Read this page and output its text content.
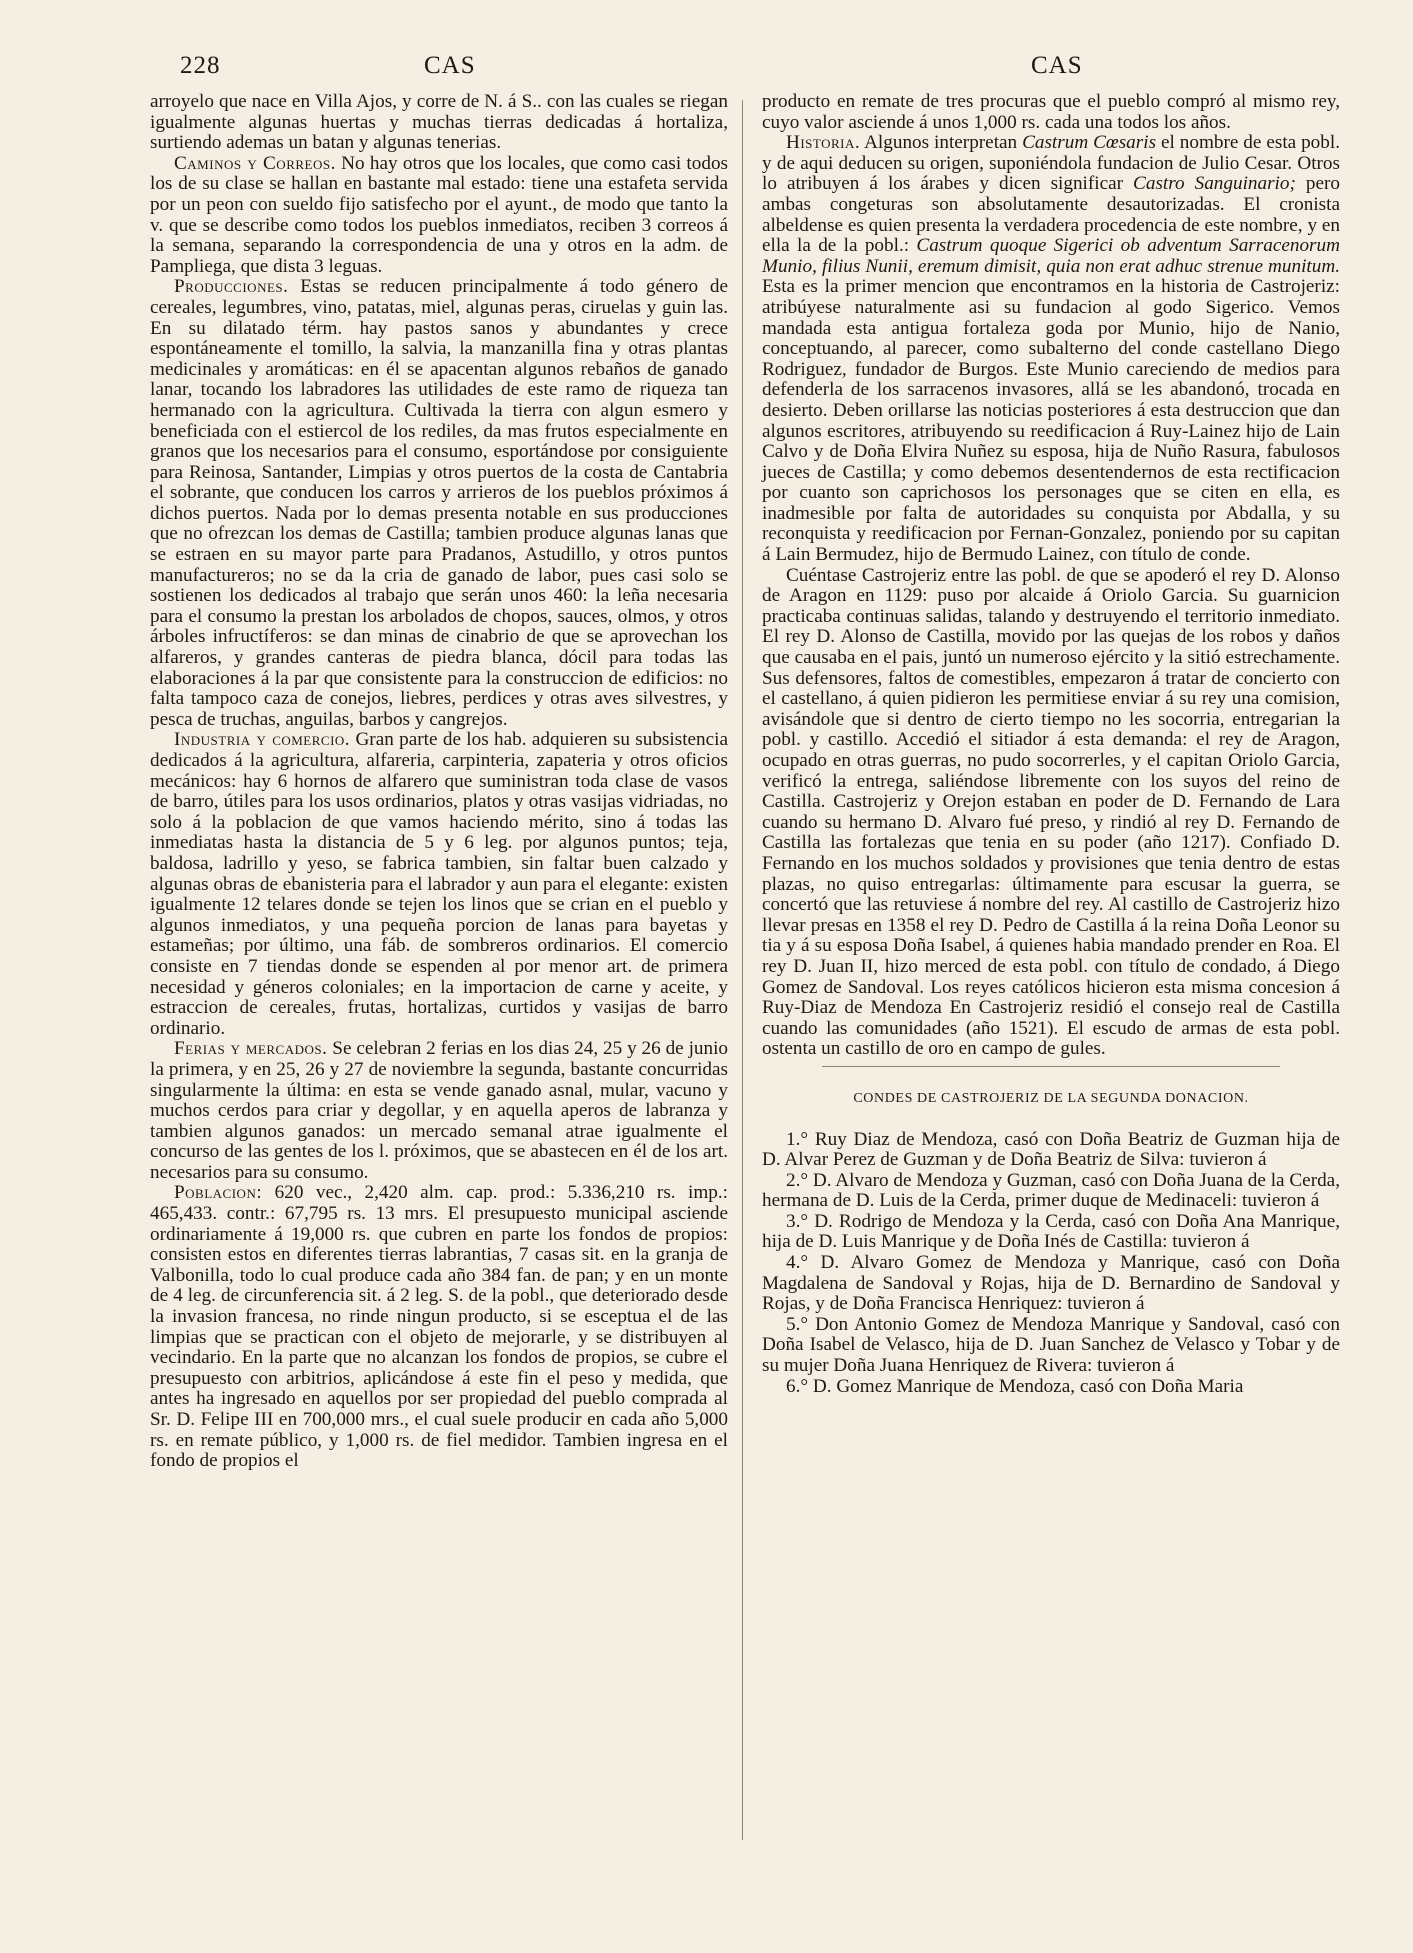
228	CAS	CAS

arroyelo que nace en Villa Ajos, y corre de N. á S.. con las cuales se riegan igualmente algunas huertas y muchas tierras dedicadas á hortaliza, surtiendo ademas un batan y algunas tenerias.

Caminos y Correos. No hay otros que los locales, que como casi todos los de su clase se hallan en bastante mal estado: tiene una estafeta servida por un peon con sueldo fijo satisfecho por el ayunt., de modo que tanto la v. que se describe como todos los pueblos inmediatos, reciben 3 correos á la semana, separando la correspondencia de una y otros en la adm. de Pampliega, que dista 3 leguas.

Producciones. Estas se reducen principalmente á todo género de cereales, legumbres, vino, patatas, miel, algunas peras, ciruelas y guin las. En su dilatado térm. hay pastos sanos y abundantes y crece espontáneamente el tomillo, la salvia, la manzanilla fina y otras plantas medicinales y aromáticas: en él se apacentan algunos rebaños de ganado lanar, tocando los labradores las utilidades de este ramo de riqueza tan hermanado con la agricultura. Cultivada la tierra con algun esmero y beneficiada con el estiercol de los rediles, da mas frutos especialmente en granos que los necesarios para el consumo, esportándose por consiguiente para Reinosa, Santander, Limpias y otros puertos de la costa de Cantabria el sobrante, que conducen los carros y arrieros de los pueblos próximos á dichos puertos. Nada por lo demas presenta notable en sus producciones que no ofrezcan los demas de Castilla; tambien produce algunas lanas que se estraen en su mayor parte para Pradanos, Astudillo, y otros puntos manufactureros; no se da la cria de ganado de labor, pues casi solo se sostienen los dedicados al trabajo que serán unos 460: la leña necesaria para el consumo la prestan los arbolados de chopos, sauces, olmos, y otros árboles infructíferos: se dan minas de cinabrio de que se aprovechan los alfareros, y grandes canteras de piedra blanca, dócil para todas las elaboraciones á la par que consistente para la construccion de edificios: no falta tampoco caza de conejos, liebres, perdices y otras aves silvestres, y pesca de truchas, anguilas, barbos y cangrejos.

Industria y comercio. Gran parte de los hab. adquieren su subsistencia dedicados á la agricultura, alfareria, carpinteria, zapateria y otros oficios mecánicos: hay 6 hornos de alfarero que suministran toda clase de vasos de barro, útiles para los usos ordinarios, platos y otras vasijas vidriadas, no solo á la poblacion de que vamos haciendo mérito, sino á todas las inmediatas hasta la distancia de 5 y 6 leg. por algunos puntos; teja, baldosa, ladrillo y yeso, se fabrica tambien, sin faltar buen calzado y algunas obras de ebanisteria para el labrador y aun para el elegante: existen igualmente 12 telares donde se tejen los linos que se crian en el pueblo y algunos inmediatos, y una pequeña porcion de lanas para bayetas y estameñas; por último, una fáb. de sombreros ordinarios. El comercio consiste en 7 tiendas donde se espenden al por menor art. de primera necesidad y géneros coloniales; en la importacion de carne y aceite, y estraccion de cereales, frutas, hortalizas, curtidos y vasijas de barro ordinario.

Ferias y mercados. Se celebran 2 ferias en los dias 24, 25 y 26 de junio la primera, y en 25, 26 y 27 de noviembre la segunda, bastante concurridas singularmente la última: en esta se vende ganado asnal, mular, vacuno y muchos cerdos para criar y degollar, y en aquella aperos de labranza y tambien algunos ganados: un mercado semanal atrae igualmente el concurso de las gentes de los l. próximos, que se abastecen en él de los art. necesarios para su consumo.

Poblacion: 620 vec., 2,420 alm. cap. prod.: 5.336,210 rs. imp.: 465,433. contr.: 67,795 rs. 13 mrs. El presupuesto municipal asciende ordinariamente á 19,000 rs. que cubren en parte los fondos de propios: consisten estos en diferentes tierras labrantias, 7 casas sit. en la granja de Valbonilla, todo lo cual produce cada año 384 fan. de pan; y en un monte de 4 leg. de circunferencia sit. á 2 leg. S. de la pobl., que deteriorado desde la invasion francesa, no rinde ningun producto, si se esceptua el de las limpias que se practican con el objeto de mejorarle, y se distribuyen al vecindario. En la parte que no alcanzan los fondos de propios, se cubre el presupuesto con arbitrios, aplicándose á este fin el peso y medida, que antes ha ingresado en aquellos por ser propiedad del pueblo comprada al Sr. D. Felipe III en 700,000 mrs., el cual suele producir en cada año 5,000 rs. en remate público, y 1,000 rs. de fiel medidor. Tambien ingresa en el fondo de propios el

producto en remate de tres procuras que el pueblo compró al mismo rey, cuyo valor asciende á unos 1,000 rs. cada una todos los años.

Historia. Algunos interpretan Castrum Cœsaris el nombre de esta pobl. y de aqui deducen su origen, suponiéndola fundacion de Julio Cesar. Otros lo atribuyen á los árabes y dicen significar Castro Sanguinario; pero ambas congeturas son absolutamente desautorizadas. El cronista albeldense es quien presenta la verdadera procedencia de este nombre, y en ella la de la pobl.: Castrum quoque Sigerici ob adventum Sarracenorum Munio, filius Nunii, eremum dimisit, quia non erat adhuc strenue munitum. Esta es la primer mencion que encontramos en la historia de Castrojeriz: atribúyese naturalmente asi su fundacion al godo Sigerico. Vemos mandada esta antigua fortaleza goda por Munio, hijo de Nanio, conceptuando, al parecer, como subalterno del conde castellano Diego Rodriguez, fundador de Burgos. Este Munio careciendo de medios para defenderla de los sarracenos invasores, allá se les abandonó, trocada en desierto. Deben orillarse las noticias posteriores á esta destruccion que dan algunos escritores, atribuyendo su reedificacion á Ruy-Lainez hijo de Lain Calvo y de Doña Elvira Nuñez su esposa, hija de Nuño Rasura, fabulosos jueces de Castilla; y como debemos desentendernos de esta rectificacion por cuanto son caprichosos los personages que se citen en ella, es inadmesible por falta de autoridades su conquista por Abdalla, y su reconquista y reedificacion por Fernan-Gonzalez, poniendo por su capitan á Lain Bermudez, hijo de Bermudo Lainez, con título de conde.

Cuéntase Castrojeriz entre las pobl. de que se apoderó el rey D. Alonso de Aragon en 1129: puso por alcaide á Oriolo Garcia. Su guarnicion practicaba continuas salidas, talando y destruyendo el territorio inmediato. El rey D. Alonso de Castilla, movido por las quejas de los robos y daños que causaba en el pais, juntó un numeroso ejército y la sitió estrechamente. Sus defensores, faltos de comestibles, empezaron á tratar de concierto con el castellano, á quien pidieron les permitiese enviar á su rey una comision, avisándole que si dentro de cierto tiempo no les socorria, entregarian la pobl. y castillo. Accedió el sitiador á esta demanda: el rey de Aragon, ocupado en otras guerras, no pudo socorrerles, y el capitan Oriolo Garcia, verificó la entrega, saliéndose libremente con los suyos del reino de Castilla. Castrojeriz y Orejon estaban en poder de D. Fernando de Lara cuando su hermano D. Alvaro fué preso, y rindió al rey D. Fernando de Castilla las fortalezas que tenia en su poder (año 1217). Confiado D. Fernando en los muchos soldados y provisiones que tenia dentro de estas plazas, no quiso entregarlas: últimamente para escusar la guerra, se concertó que las retuviese á nombre del rey. Al castillo de Castrojeriz hizo llevar presas en 1358 el rey D. Pedro de Castilla á la reina Doña Leonor su tia y á su esposa Doña Isabel, á quienes habia mandado prender en Roa. El rey D. Juan II, hizo merced de esta pobl. con título de condado, á Diego Gomez de Sandoval. Los reyes católicos hicieron esta misma concesion á Ruy-Diaz de Mendoza En Castrojeriz residió el consejo real de Castilla cuando las comunidades (año 1521). El escudo de armas de esta pobl. ostenta un castillo de oro en campo de gules.

CONDES DE CASTROJERIZ DE LA SEGUNDA DONACION.

1.° Ruy Diaz de Mendoza, casó con Doña Beatriz de Guzman hija de D. Alvar Perez de Guzman y de Doña Beatriz de Silva: tuvieron á

2.° D. Alvaro de Mendoza y Guzman, casó con Doña Juana de la Cerda, hermana de D. Luis de la Cerda, primer duque de Medinaceli: tuvieron á

3.° D. Rodrigo de Mendoza y la Cerda, casó con Doña Ana Manrique, hija de D. Luis Manrique y de Doña Inés de Castilla: tuvieron á

4.° D. Alvaro Gomez de Mendoza y Manrique, casó con Doña Magdalena de Sandoval y Rojas, hija de D. Bernardino de Sandoval y Rojas, y de Doña Francisca Henriquez: tuvieron á

5.° Don Antonio Gomez de Mendoza Manrique y Sandoval, casó con Doña Isabel de Velasco, hija de D. Juan Sanchez de Velasco y Tobar y de su mujer Doña Juana Henriquez de Rivera: tuvieron á

6.° D. Gomez Manrique de Mendoza, casó con Doña Maria
